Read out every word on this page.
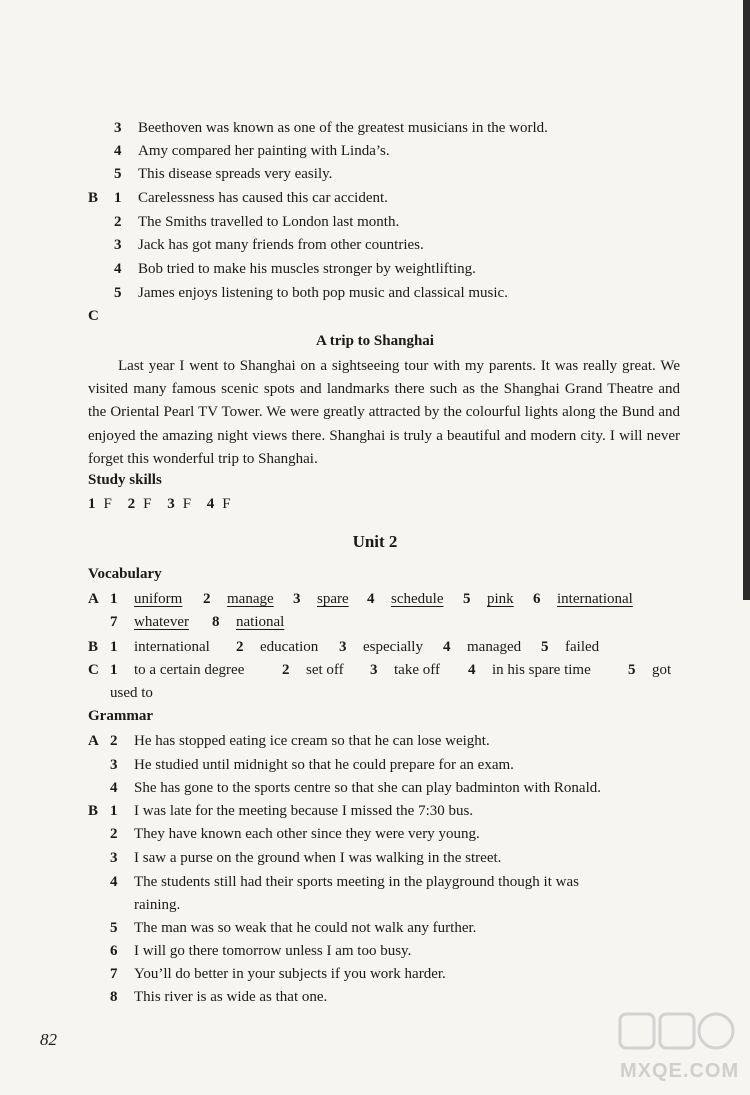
3 Beethoven was known as one of the greatest musicians in the world.
4 Amy compared her painting with Linda’s.
5 This disease spreads very easily.
B 1 Carelessness has caused this car accident.
2 The Smiths travelled to London last month.
3 Jack has got many friends from other countries.
4 Bob tried to make his muscles stronger by weightlifting.
5 James enjoys listening to both pop music and classical music.
C
A trip to Shanghai

Last year I went to Shanghai on a sightseeing tour with my parents. It was really great. We visited many famous scenic spots and landmarks there such as the Shanghai Grand Theatre and the Oriental Pearl TV Tower. We were greatly attracted by the colourful lights along the Bund and enjoyed the amazing night views there. Shanghai is truly a beautiful and modern city. I will never forget this wonderful trip to Shanghai.

Study skills
1 F 2 F 3 F 4 F
Unit 2
Vocabulary
A 1 uniform 2 manage 3 spare 4 schedule 5 pink 6 international
7 whatever 8 national
B 1 international 2 education 3 especially 4 managed 5 failed
C 1 to a certain degree	2 set off 3 take off 4 in his spare time 5 got
used to
Grammar
A 2 He has stopped eating ice cream so that he can lose weight.
3 He studied until midnight so that he could prepare for an exam.
4 She has gone to the sports centre so that she can play badminton with Ronald.
B 1 I was late for the meeting because I missed the 7:30 bus.
2 They have known each other since they were very young.
3 I saw a purse on the ground when I was walking in the street.
4 The students still had their sports meeting in the playground though it was
raining.
5 The man was so weak that he could not walk any further.
6 I will go there tomorrow unless I am too busy.
7 You’ll do better in your subjects if you work harder.
8 This river is as wide as that one.
82
MXQE.COM
